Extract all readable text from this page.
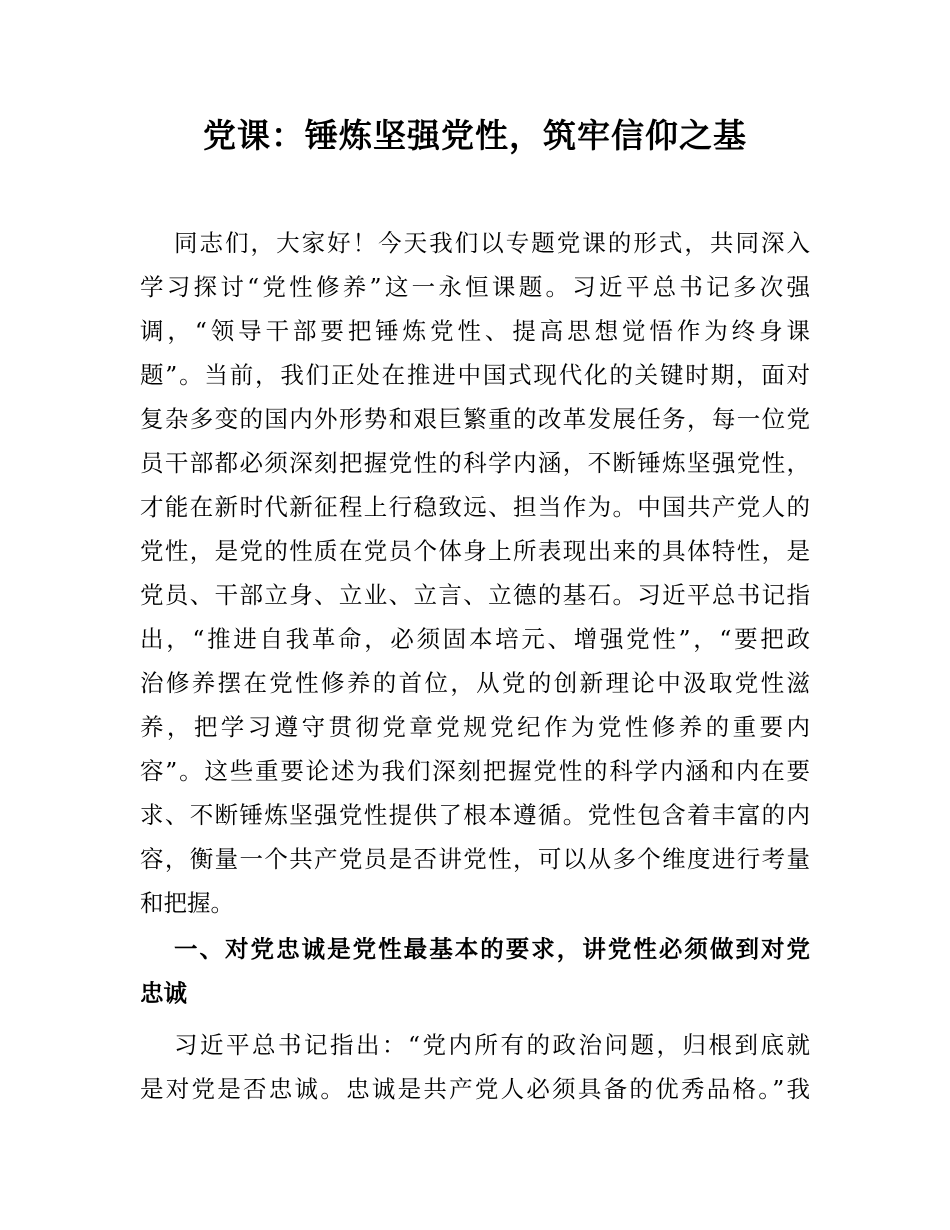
党课：锤炼坚强党性，筑牢信仰之基

同志们，大家好！今天我们以专题党课的形式，共同深入

学习探讨“党性修养”这一永恒课题。习近平总书记多次强

调，“领导干部要把锤炼党性、提高思想觉悟作为终身课

题”。当前，我们正处在推进中国式现代化的关键时期，面对

复杂多变的国内外形势和艰巨繁重的改革发展任务，每一位党

员干部都必须深刻把握党性的科学内涵，不断锤炼坚强党性，

才能在新时代新征程上行稳致远、担当作为。中国共产党人的

党性，是党的性质在党员个体身上所表现出来的具体特性，是

党员、干部立身、立业、立言、立德的基石。习近平总书记指

出，“推进自我革命，必须固本培元、增强党性”，“要把政

治修养摆在党性修养的首位，从党的创新理论中汲取党性滋

养，把学习遵守贯彻党章党规党纪作为党性修养的重要内

容”。这些重要论述为我们深刻把握党性的科学内涵和内在要

求、不断锤炼坚强党性提供了根本遵循。党性包含着丰富的内

容，衡量一个共产党员是否讲党性，可以从多个维度进行考量

和把握。

一、对党忠诚是党性最基本的要求，讲党性必须做到对党

忠诚

习近平总书记指出：“党内所有的政治问题，归根到底就

是对党是否忠诚。忠诚是共产党人必须具备的优秀品格。”我
